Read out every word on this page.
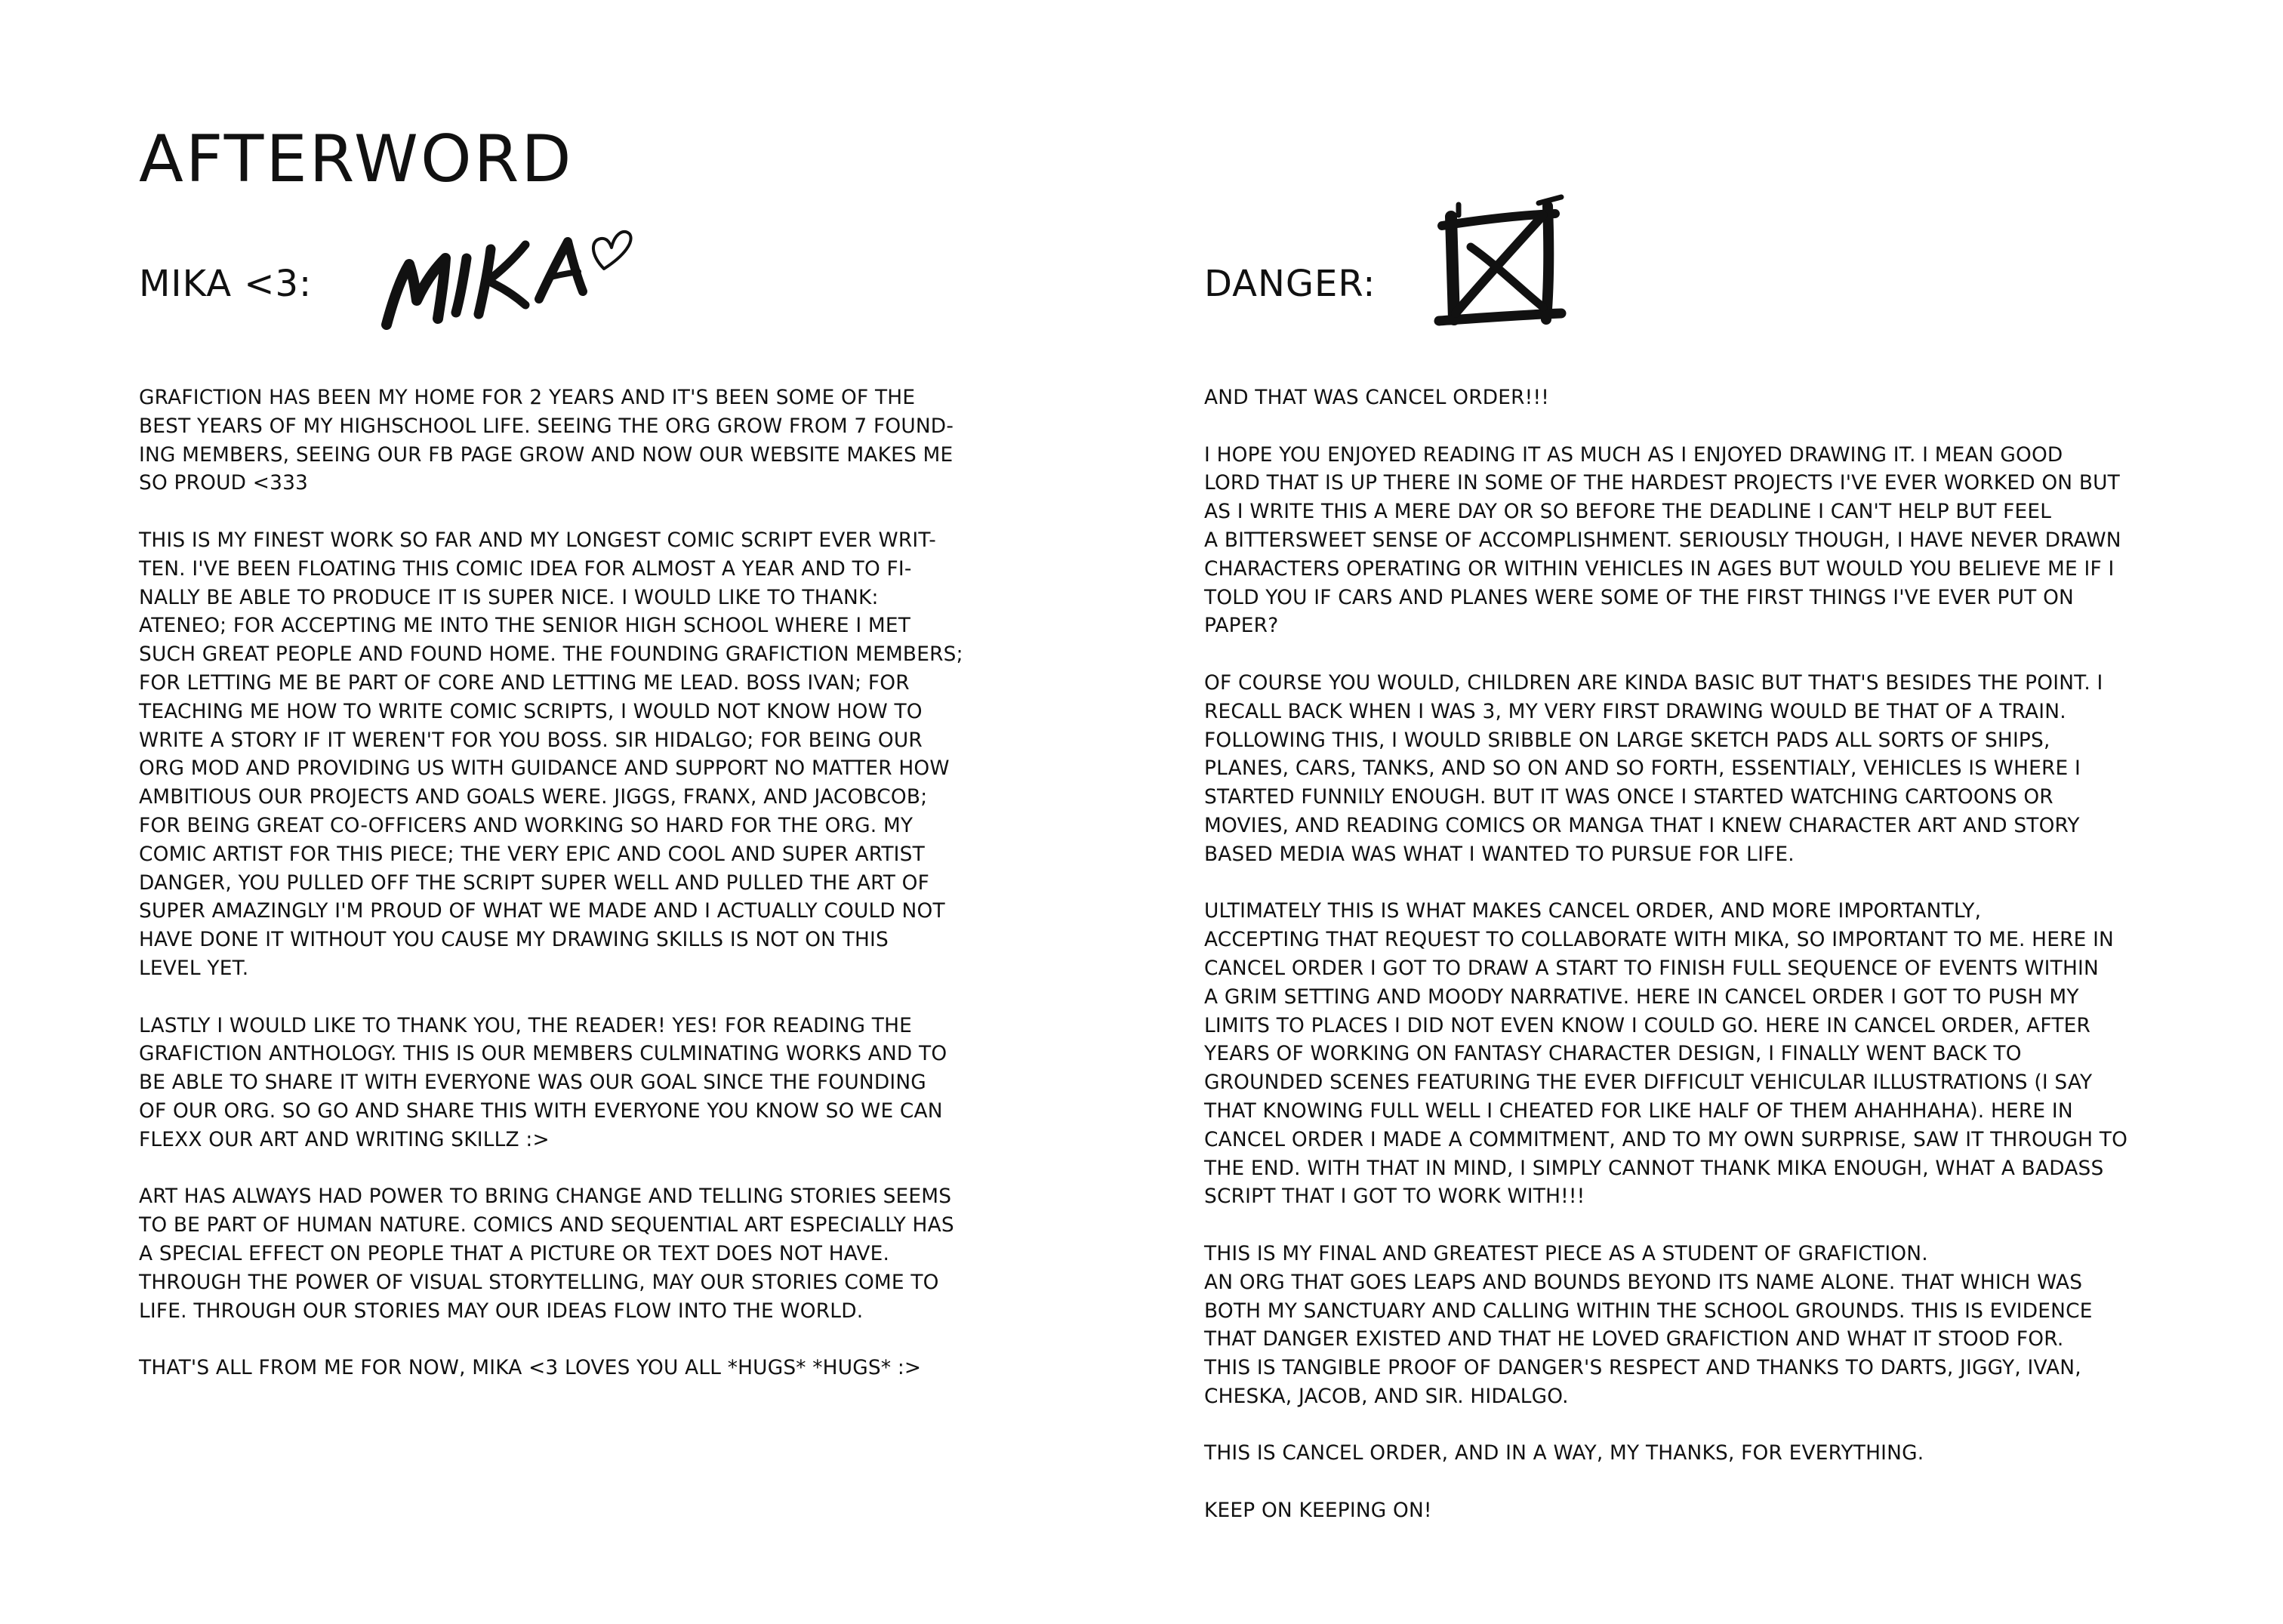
AFTERWORD
MIKA <3:

GRAFICTION HAS BEEN MY HOME FOR 2 YEARS AND IT'S BEEN SOME OF THE
BEST YEARS OF MY HIGHSCHOOL LIFE. SEEING THE ORG GROW FROM 7 FOUND-
ING MEMBERS, SEEING OUR FB PAGE GROW AND NOW OUR WEBSITE MAKES ME
SO PROUD <333

THIS IS MY FINEST WORK SO FAR AND MY LONGEST COMIC SCRIPT EVER WRIT-
TEN. I'VE BEEN FLOATING THIS COMIC IDEA FOR ALMOST A YEAR AND TO FI-
NALLY BE ABLE TO PRODUCE IT IS SUPER NICE. I WOULD LIKE TO THANK:
ATENEO; FOR ACCEPTING ME INTO THE SENIOR HIGH SCHOOL WHERE I MET
SUCH GREAT PEOPLE AND FOUND HOME. THE FOUNDING GRAFICTION MEMBERS;
FOR LETTING ME BE PART OF CORE AND LETTING ME LEAD. BOSS IVAN; FOR
TEACHING ME HOW TO WRITE COMIC SCRIPTS, I WOULD NOT KNOW HOW TO
WRITE A STORY IF IT WEREN'T FOR YOU BOSS. SIR HIDALGO; FOR BEING OUR
ORG MOD AND PROVIDING US WITH GUIDANCE AND SUPPORT NO MATTER HOW
AMBITIOUS OUR PROJECTS AND GOALS WERE. JIGGS, FRANX, AND JACOBCOB;
FOR BEING GREAT CO-OFFICERS AND WORKING SO HARD FOR THE ORG. MY
COMIC ARTIST FOR THIS PIECE; THE VERY EPIC AND COOL AND SUPER ARTIST
DANGER, YOU PULLED OFF THE SCRIPT SUPER WELL AND PULLED THE ART OF
SUPER AMAZINGLY I'M PROUD OF WHAT WE MADE AND I ACTUALLY COULD NOT
HAVE DONE IT WITHOUT YOU CAUSE MY DRAWING SKILLS IS NOT ON THIS
LEVEL YET.

LASTLY I WOULD LIKE TO THANK YOU, THE READER! YES! FOR READING THE
GRAFICTION ANTHOLOGY. THIS IS OUR MEMBERS CULMINATING WORKS AND TO
BE ABLE TO SHARE IT WITH EVERYONE WAS OUR GOAL SINCE THE FOUNDING
OF OUR ORG. SO GO AND SHARE THIS WITH EVERYONE YOU KNOW SO WE CAN
FLEXX OUR ART AND WRITING SKILLZ :>

ART HAS ALWAYS HAD POWER TO BRING CHANGE AND TELLING STORIES SEEMS
TO BE PART OF HUMAN NATURE. COMICS AND SEQUENTIAL ART ESPECIALLY HAS
A SPECIAL EFFECT ON PEOPLE THAT A PICTURE OR TEXT DOES NOT HAVE.
THROUGH THE POWER OF VISUAL STORYTELLING, MAY OUR STORIES COME TO
LIFE. THROUGH OUR STORIES MAY OUR IDEAS FLOW INTO THE WORLD.

THAT'S ALL FROM ME FOR NOW, MIKA <3 LOVES YOU ALL *HUGS* *HUGS* :>

DANGER:

AND THAT WAS CANCEL ORDER!!!

I HOPE YOU ENJOYED READING IT AS MUCH AS I ENJOYED DRAWING IT. I MEAN GOOD
LORD THAT IS UP THERE IN SOME OF THE HARDEST PROJECTS I'VE EVER WORKED ON BUT
AS I WRITE THIS A MERE DAY OR SO BEFORE THE DEADLINE I CAN'T HELP BUT FEEL
A BITTERSWEET SENSE OF ACCOMPLISHMENT. SERIOUSLY THOUGH, I HAVE NEVER DRAWN
CHARACTERS OPERATING OR WITHIN VEHICLES IN AGES BUT WOULD YOU BELIEVE ME IF I
TOLD YOU IF CARS AND PLANES WERE SOME OF THE FIRST THINGS I'VE EVER PUT ON
PAPER?

OF COURSE YOU WOULD, CHILDREN ARE KINDA BASIC BUT THAT'S BESIDES THE POINT. I
RECALL BACK WHEN I WAS 3, MY VERY FIRST DRAWING WOULD BE THAT OF A TRAIN.
FOLLOWING THIS, I WOULD SRIBBLE ON LARGE SKETCH PADS ALL SORTS OF SHIPS,
PLANES, CARS, TANKS, AND SO ON AND SO FORTH, ESSENTIALY, VEHICLES IS WHERE I
STARTED FUNNILY ENOUGH. BUT IT WAS ONCE I STARTED WATCHING CARTOONS OR
MOVIES, AND READING COMICS OR MANGA THAT I KNEW CHARACTER ART AND STORY
BASED MEDIA WAS WHAT I WANTED TO PURSUE FOR LIFE.

ULTIMATELY THIS IS WHAT MAKES CANCEL ORDER, AND MORE IMPORTANTLY,
ACCEPTING THAT REQUEST TO COLLABORATE WITH MIKA, SO IMPORTANT TO ME. HERE IN
CANCEL ORDER I GOT TO DRAW A START TO FINISH FULL SEQUENCE OF EVENTS WITHIN
A GRIM SETTING AND MOODY NARRATIVE. HERE IN CANCEL ORDER I GOT TO PUSH MY
LIMITS TO PLACES I DID NOT EVEN KNOW I COULD GO. HERE IN CANCEL ORDER, AFTER
YEARS OF WORKING ON FANTASY CHARACTER DESIGN, I FINALLY WENT BACK TO
GROUNDED SCENES FEATURING THE EVER DIFFICULT VEHICULAR ILLUSTRATIONS (I SAY
THAT KNOWING FULL WELL I CHEATED FOR LIKE HALF OF THEM AHAHHAHA). HERE IN
CANCEL ORDER I MADE A COMMITMENT, AND TO MY OWN SURPRISE, SAW IT THROUGH TO
THE END. WITH THAT IN MIND, I SIMPLY CANNOT THANK MIKA ENOUGH, WHAT A BADASS
SCRIPT THAT I GOT TO WORK WITH!!!

THIS IS MY FINAL AND GREATEST PIECE AS A STUDENT OF GRAFICTION.
AN ORG THAT GOES LEAPS AND BOUNDS BEYOND ITS NAME ALONE. THAT WHICH WAS
BOTH MY SANCTUARY AND CALLING WITHIN THE SCHOOL GROUNDS. THIS IS EVIDENCE
THAT DANGER EXISTED AND THAT HE LOVED GRAFICTION AND WHAT IT STOOD FOR.
THIS IS TANGIBLE PROOF OF DANGER'S RESPECT AND THANKS TO DARTS, JIGGY, IVAN,
CHESKA, JACOB, AND SIR. HIDALGO.

THIS IS CANCEL ORDER, AND IN A WAY, MY THANKS, FOR EVERYTHING.

KEEP ON KEEPING ON!
